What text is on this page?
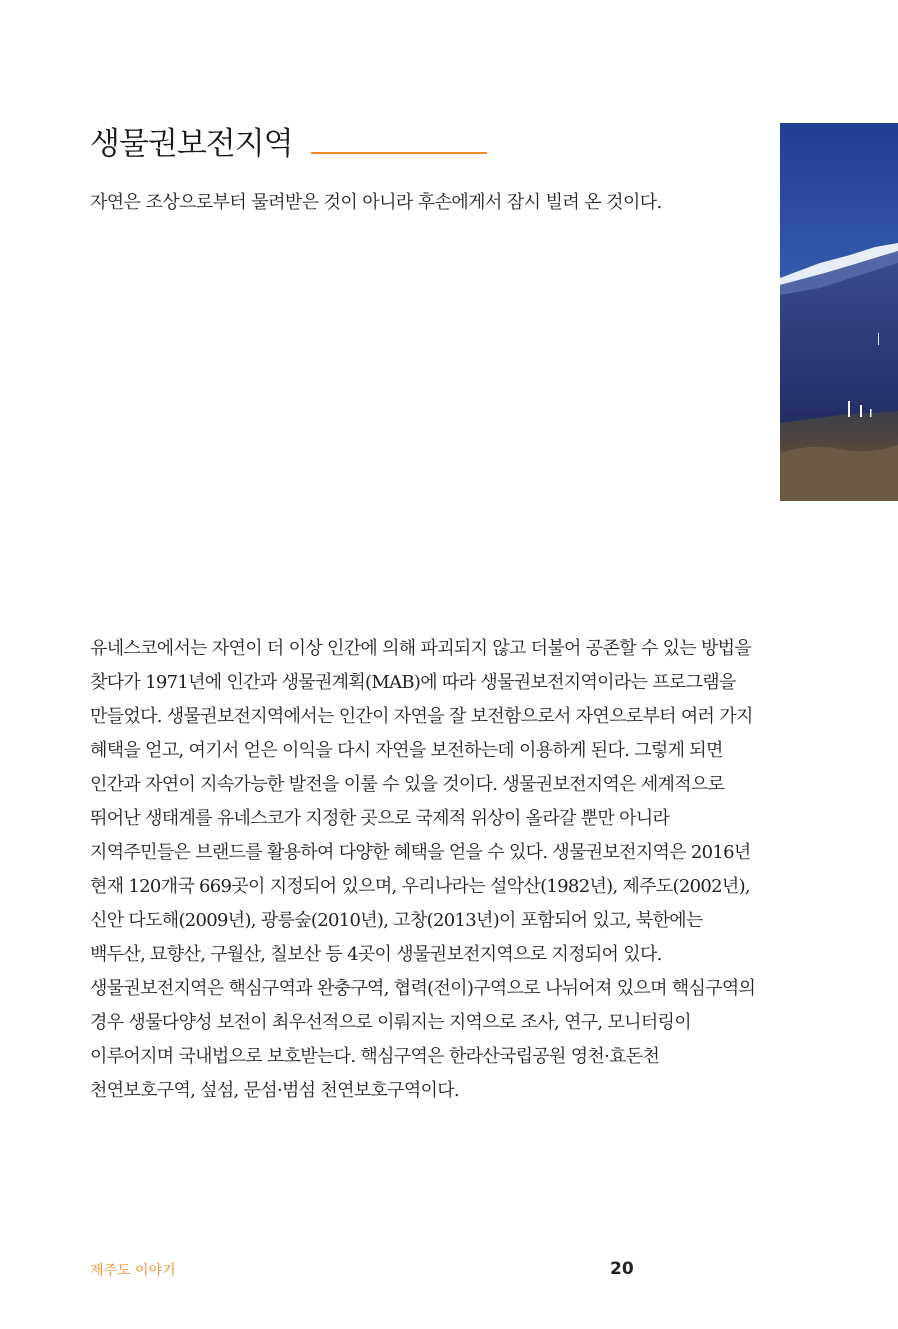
생물권보전지역

자연은 조상으로부터 물려받은 것이 아니라 후손에게서 잠시 빌려 온 것이다.

유네스코에서는 자연이 더 이상 인간에 의해 파괴되지 않고 더불어 공존할 수 있는 방법을 찾다가 1971년에 인간과 생물권계획(MAB)에 따라 생물권보전지역이라는 프로그램을 만들었다. 생물권보전지역에서는 인간이 자연을 잘 보전함으로서 자연으로부터 여러 가지 혜택을 얻고, 여기서 얻은 이익을 다시 자연을 보전하는데 이용하게 된다. 그렇게 되면 인간과 자연이 지속가능한 발전을 이룰 수 있을 것이다. 생물권보전지역은 세계적으로 뛰어난 생태계를 유네스코가 지정한 곳으로 국제적 위상이 올라갈 뿐만 아니라 지역주민들은 브랜드를 활용하여 다양한 혜택을 얻을 수 있다. 생물권보전지역은 2016년 현재 120개국 669곳이 지정되어 있으며, 우리나라는 설악산(1982년), 제주도(2002년), 신안 다도해(2009년), 광릉숲(2010년), 고창(2013년)이 포함되어 있고, 북한에는 백두산, 묘향산, 구월산, 칠보산 등 4곳이 생물권보전지역으로 지정되어 있다.생물권보전지역은 핵심구역과 완충구역, 협력(전이)구역으로 나뉘어져 있으며 핵심구역의 경우 생물다양성 보전이 최우선적으로 이뤄지는 지역으로 조사, 연구, 모니터링이 이루어지며 국내법으로 보호받는다. 핵심구역은 한라산국립공원 영천·효돈천 천연보호구역, 섶섬, 문섬·범섬 천연보호구역이다.

제주도 이야기	20
